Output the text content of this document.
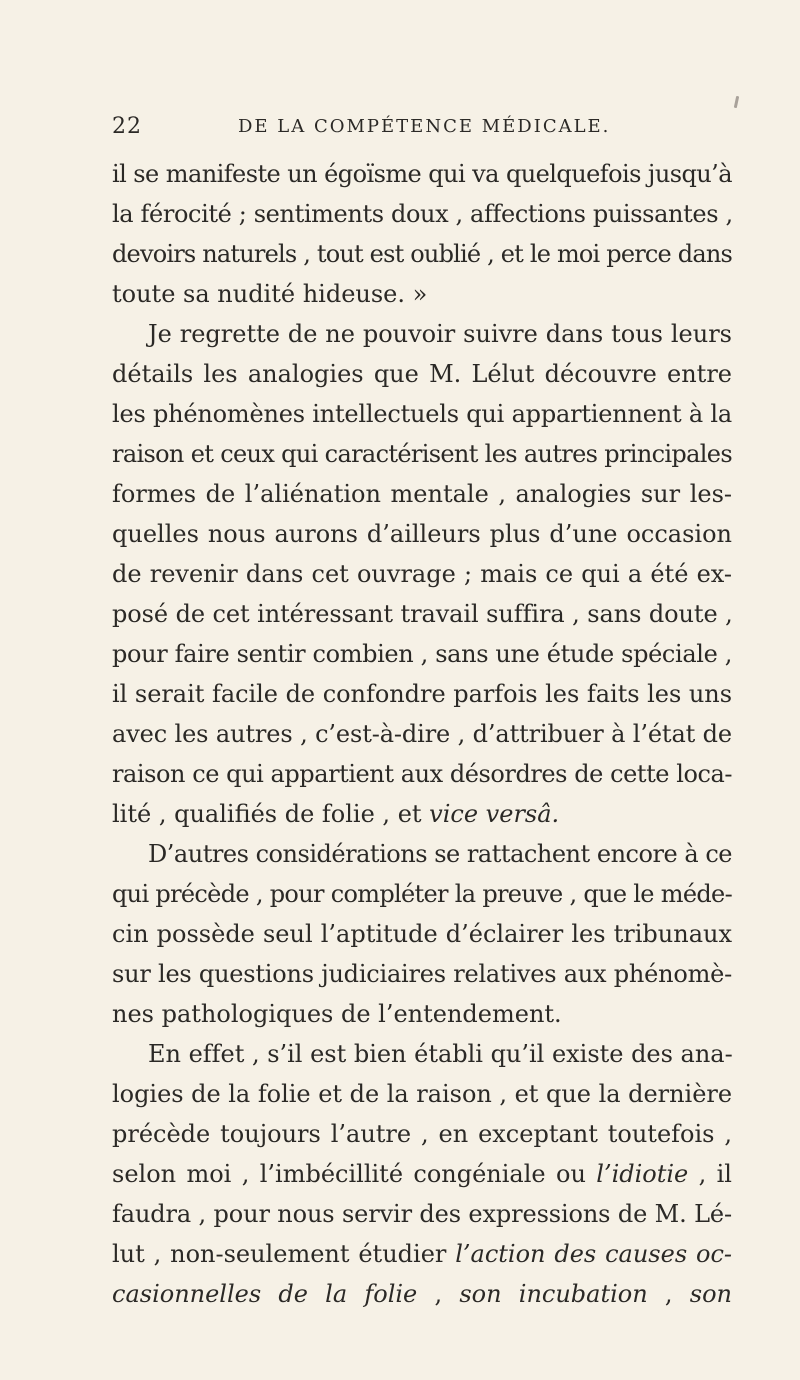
22	DE LA COMPÉTENCE MÉDICALE.
il se manifeste un égoïsme qui va quelquefois jusqu’à
la férocité ; sentiments doux , affections puissantes ,
devoirs naturels , tout est oublié , et le moi perce dans
toute sa nudité hideuse. »
Je regrette de ne pouvoir suivre dans tous leurs
détails les analogies que M. Lélut découvre entre
les phénomènes intellectuels qui appartiennent à la
raison et ceux qui caractérisent les autres principales
formes de l’aliénation mentale , analogies sur les-
quelles nous aurons d’ailleurs plus d’une occasion
de revenir dans cet ouvrage ; mais ce qui a été ex-
posé de cet intéressant travail suffira , sans doute ,
pour faire sentir combien , sans une étude spéciale ,
il serait facile de confondre parfois les faits les uns
avec les autres , c’est-à-dire , d’attribuer à l’état de
raison ce qui appartient aux désordres de cette loca-
lité , qualifiés de folie , et vice versâ.
D’autres considérations se rattachent encore à ce
qui précède , pour compléter la preuve , que le méde-
cin possède seul l’aptitude d’éclairer les tribunaux
sur les questions judiciaires relatives aux phénomè-
nes pathologiques de l’entendement.
En effet , s’il est bien établi qu’il existe des ana-
logies de la folie et de la raison , et que la dernière
précède toujours l’autre , en exceptant toutefois ,
selon moi , l’imbécillité congéniale ou l’idiotie , il
faudra , pour nous servir des expressions de M. Lé-
lut , non-seulement étudier l’action des causes oc-
casionnelles de la folie , son incubation , son
